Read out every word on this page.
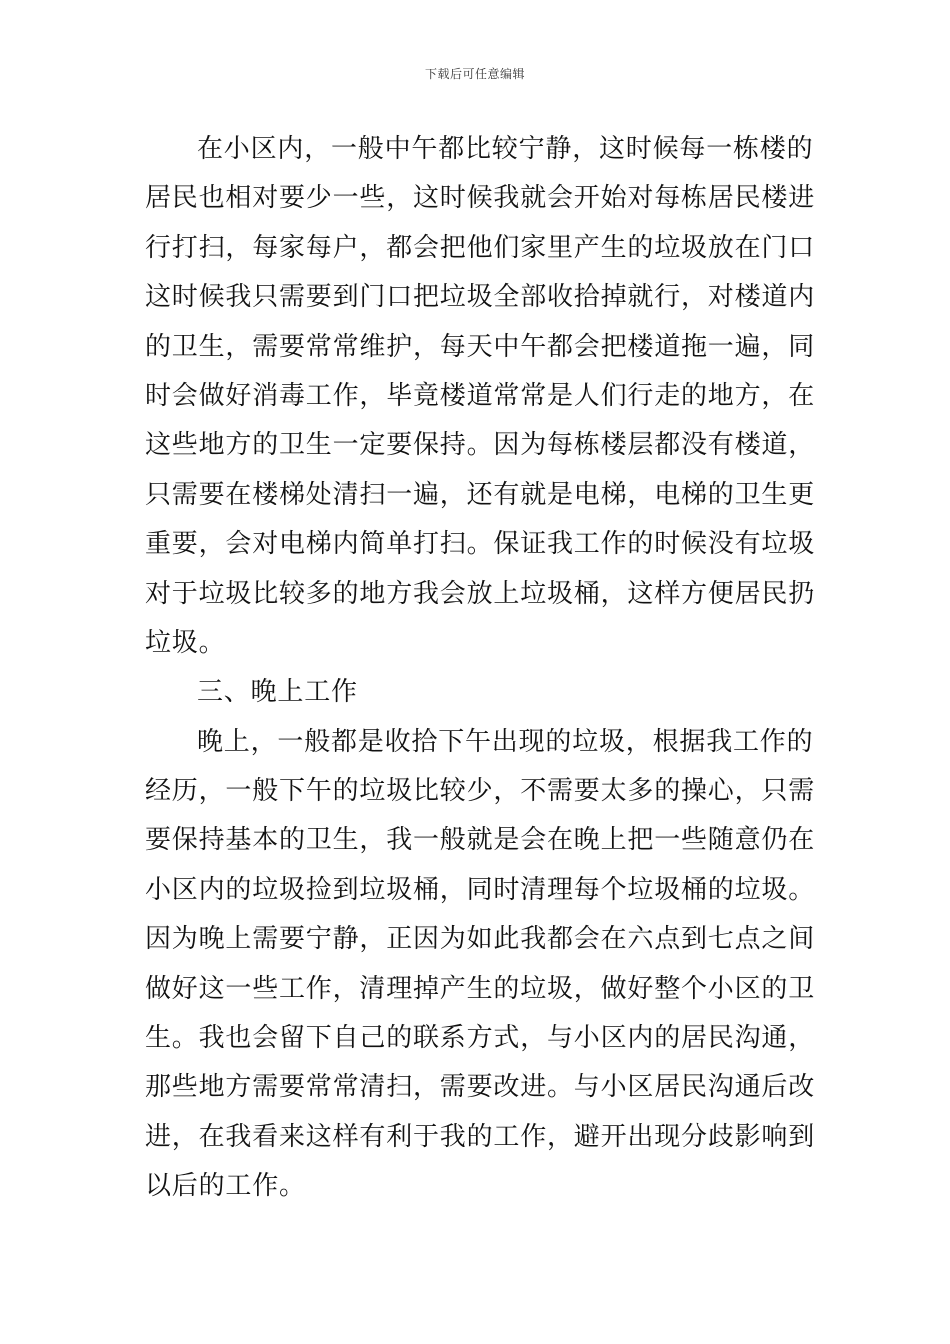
下载后可任意编辑
在小区内，一般中午都比较宁静，这时候每一栋楼的
居民也相对要少一些，这时候我就会开始对每栋居民楼进
行打扫，每家每户，都会把他们家里产生的垃圾放在门口
这时候我只需要到门口把垃圾全部收拾掉就行，对楼道内
的卫生，需要常常维护，每天中午都会把楼道拖一遍，同
时会做好消毒工作，毕竟楼道常常是人们行走的地方，在
这些地方的卫生一定要保持。因为每栋楼层都没有楼道，
只需要在楼梯处清扫一遍，还有就是电梯，电梯的卫生更
重要，会对电梯内简单打扫。保证我工作的时候没有垃圾
对于垃圾比较多的地方我会放上垃圾桶，这样方便居民扔
垃圾。
三、晚上工作
晚上，一般都是收拾下午出现的垃圾，根据我工作的
经历，一般下午的垃圾比较少，不需要太多的操心，只需
要保持基本的卫生，我一般就是会在晚上把一些随意仍在
小区内的垃圾捡到垃圾桶，同时清理每个垃圾桶的垃圾。
因为晚上需要宁静，正因为如此我都会在六点到七点之间
做好这一些工作，清理掉产生的垃圾，做好整个小区的卫
生。我也会留下自己的联系方式，与小区内的居民沟通，
那些地方需要常常清扫，需要改进。与小区居民沟通后改
进，在我看来这样有利于我的工作，避开出现分歧影响到
以后的工作。
